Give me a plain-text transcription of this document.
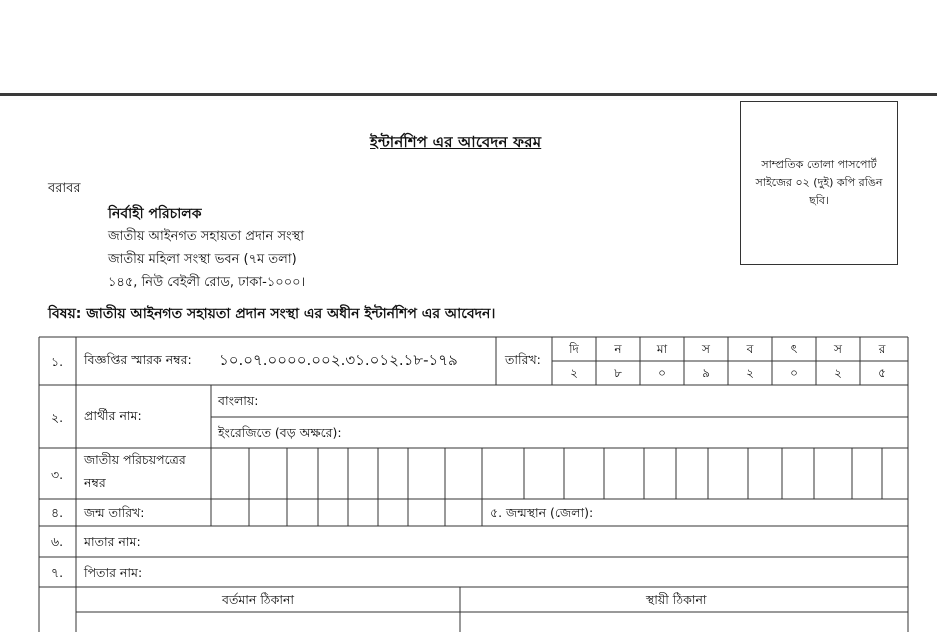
ইন্টার্নশিপ এর আবেদন ফরম
সাম্প্রতিক তোলা পাসপোর্ট সাইজের ০২ (দুই) কপি রঙিন ছবি।
বরাবর
নির্বাহী পরিচালক
জাতীয় আইনগত সহায়তা প্রদান সংস্থা
জাতীয় মহিলা সংস্থা ভবন (৭ম তলা)
১৪৫, নিউ বেইলী রোড, ঢাকা-১০০০।
বিষয়: জাতীয় আইনগত সহায়তা প্রদান সংস্থা এর অধীন ইন্টার্নশিপ এর আবেদন।
১. বিজ্ঞপ্তির স্মারক নম্বর: ১০.০৭.০০০০.০০২.৩১.০১২.১৮-১৭৯	তারিখ:
দি	ন	মা	স	ব	ৎ	স	র
২	৮	০	৯	২	০	২	৫
২. প্রার্থীর নাম:
বাংলায়:
ইংরেজিতে (বড় অক্ষরে):
৩.
জাতীয় পরিচয়পত্রের
নম্বর
৪. জন্ম তারিখ:	৫. জন্মস্থান (জেলা):
৬. মাতার নাম:
৭. পিতার নাম:
বর্তমান ঠিকানা	স্থায়ী ঠিকানা
